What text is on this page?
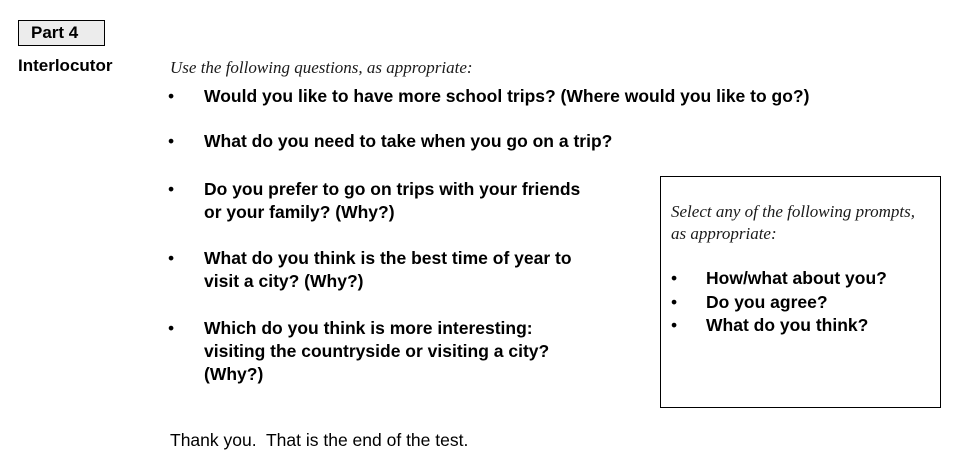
Part 4
Interlocutor	Use the following questions, as appropriate:
•	Would you like to have more school trips? (Where would you like to go?)
•	What do you need to take when you go on a trip?
•	Do you prefer to go on trips with your friends
or your family? (Why?)
•	What do you think is the best time of year to
visit a city? (Why?)
•	Which do you think is more interesting:
visiting the countryside or visiting a city?
(Why?)
Select any of the following prompts, as appropriate:
• How/what about you?
• Do you agree?
• What do you think?
Thank you.  That is the end of the test.
